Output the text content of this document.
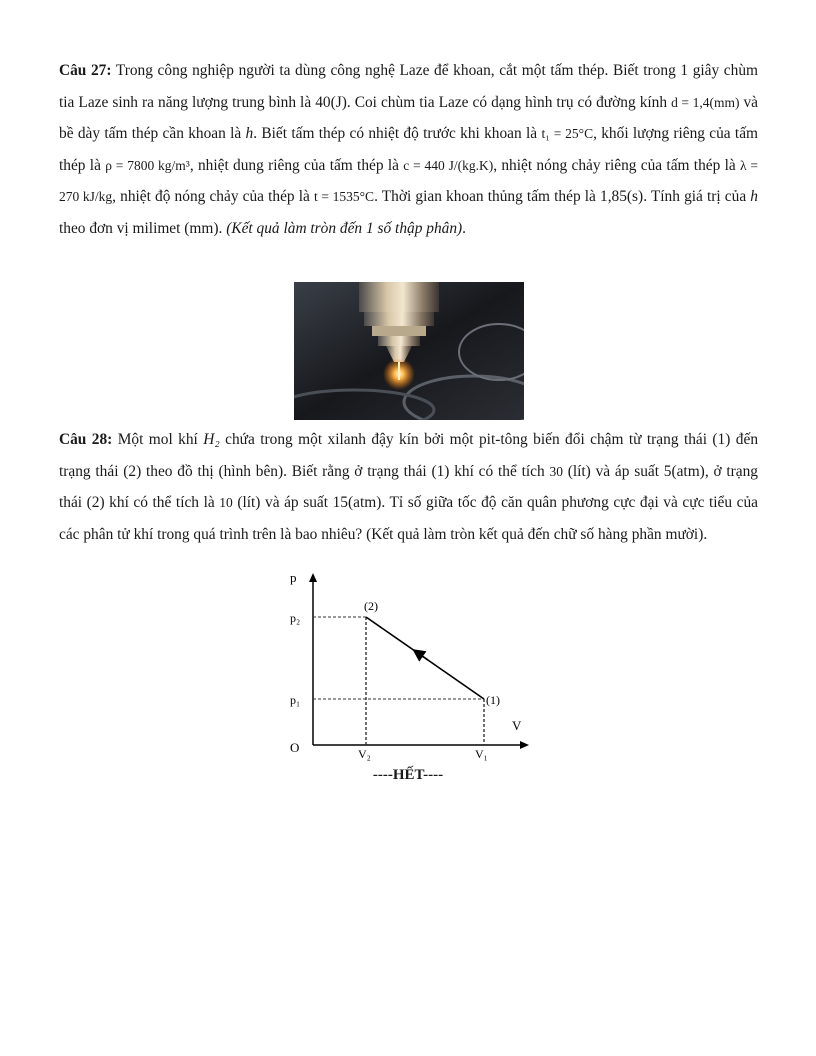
Câu 27: Trong công nghiệp người ta dùng công nghệ Laze để khoan, cắt một tấm thép. Biết trong 1 giây chùm tia Laze sinh ra năng lượng trung bình là 40(J). Coi chùm tia Laze có dạng hình trụ có đường kính d = 1,4(mm) và bề dày tấm thép cần khoan là h. Biết tấm thép có nhiệt độ trước khi khoan là t₁ = 25°C, khối lượng riêng của tấm thép là ρ = 7800 kg/m³, nhiệt dung riêng của tấm thép là c = 440 J/(kg.K), nhiệt nóng chảy riêng của tấm thép là λ = 270 kJ/kg, nhiệt độ nóng chảy của thép là t = 1535°C. Thời gian khoan thủng tấm thép là 1,85(s). Tính giá trị của h theo đơn vị milimet (mm). (Kết quả làm tròn đến 1 số thập phân).

Câu 28: Một mol khí H₂ chứa trong một xilanh đậy kín bởi một pit-tông biến đổi chậm từ trạng thái (1) đến trạng thái (2) theo đồ thị (hình bên). Biết rằng ở trạng thái (1) khí có thể tích 30 (lít) và áp suất 5(atm), ở trạng thái (2) khí có thể tích là 10 (lít) và áp suất 15(atm). Tỉ số giữa tốc độ căn quân phương cực đại và cực tiểu của các phân tử khí trong quá trình trên là bao nhiêu? (Kết quả làm tròn kết quả đến chữ số hàng phần mười).

p
V
O
p₂
p₁
V₂	V₁
(2)
(1)
----HẾT----
